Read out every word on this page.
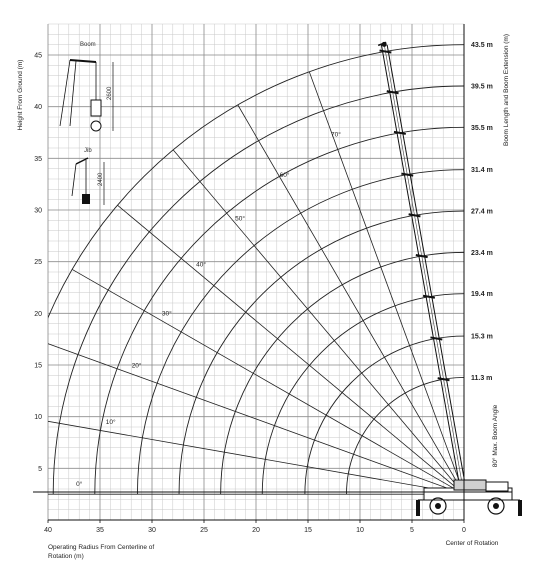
Boom
2600
Jib
2400
40	35	30	25	20	15	10	5	0
5
10
15
20
25
30
35
40
45
11.3 m
15.3 m
19.4 m
23.4 m
27.4 m
31.4 m
35.5 m
39.5 m
43.5 m
0°
10°
20°
30°
40°
50°
60°
70°
Height From Ground (m)	Boom Length and Boom Extension (m)
80° Max. Boom Angle
Operating Radius From Centerline of Rotation (m)
Center of Rotation
